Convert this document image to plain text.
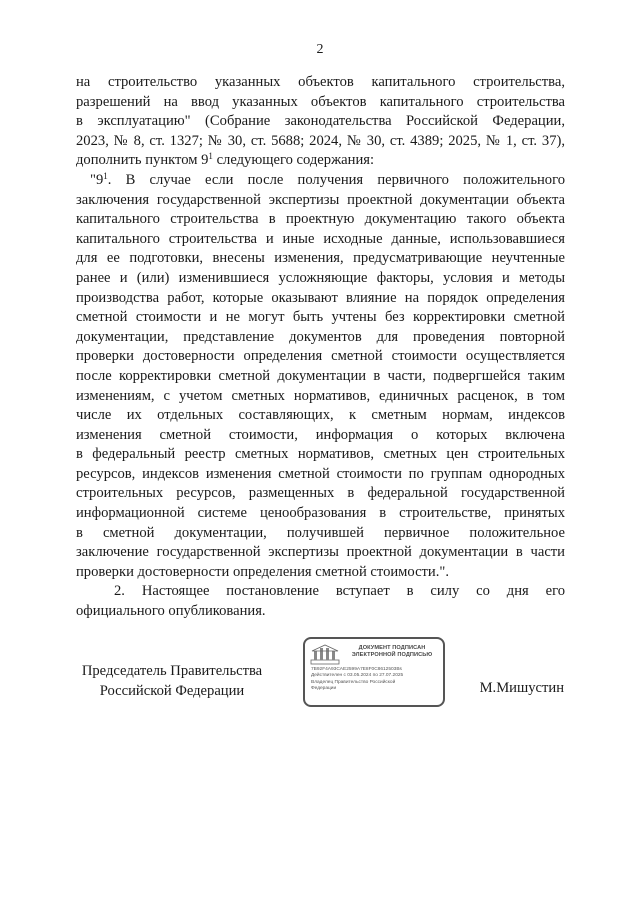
2

на строительство указанных объектов капитального строительства,
разрешений на ввод указанных объектов капитального строительства
в эксплуатацию" (Собрание законодательства Российской Федерации,
2023, № 8, ст. 1327; № 30, ст. 5688; 2024, № 30, ст. 4389; 2025, № 1, ст. 37),
дополнить пунктом $9^1$ следующего содержания:

"$9^1$. В случае если после получения первичного положительного
заключения государственной экспертизы проектной документации объекта
капитального строительства в проектную документацию такого объекта
капитального строительства и иные исходные данные, использовавшиеся
для ее подготовки, внесены изменения, предусматривающие неучтенные
ранее и (или) изменившиеся усложняющие факторы, условия и методы
производства работ, которые оказывают влияние на порядок определения
сметной стоимости и не могут быть учтены без корректировки сметной
документации, представление документов для проведения повторной
проверки достоверности определения сметной стоимости осуществляется
после корректировки сметной документации в части, подвергшейся таким
изменениям, с учетом сметных нормативов, единичных расценок, в том
числе их отдельных составляющих, к сметным нормам, индексов
изменения сметной стоимости, информация о которых включена
в федеральный реестр сметных нормативов, сметных цен строительных
ресурсов, индексов изменения сметной стоимости по группам однородных
строительных ресурсов, размещенных в федеральной государственной
информационной системе ценообразования в строительстве, принятых
в сметной документации, получившей первичное положительное
заключение государственной экспертизы проектной документации в части
проверки достоверности определения сметной стоимости.".

2. Настоящее постановление вступает в силу со дня его
официального опубликования.

Председатель Правительства
Российской Федерации
ДОКУМЕНТ ПОДПИСАН
ЭЛЕКТРОННОЙ ПОДПИСЬЮ
7B92F4A93CAE2599A7E8F0C8612503Bs
Действителен с 03.05.2024 по 27.07.2025
Владелец Правительство Российской
Федерации	М.Мишустин
